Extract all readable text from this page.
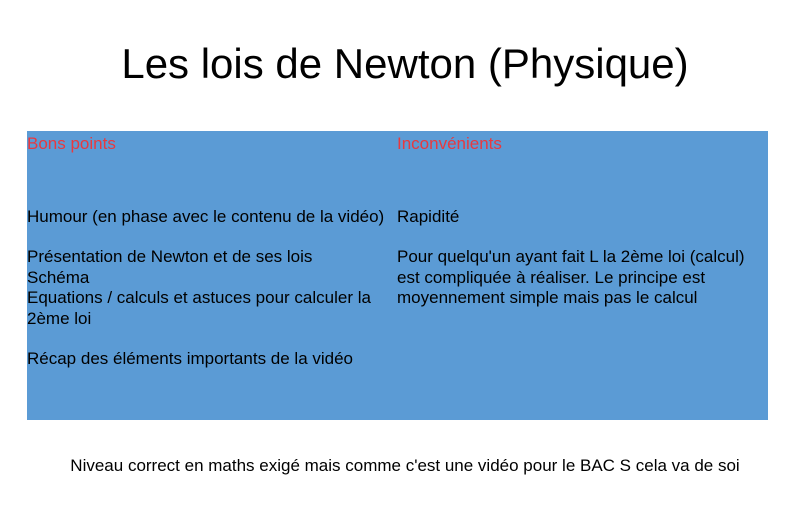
Les lois de Newton (Physique)
Bons points

Humour (en phase avec le contenu de la vidéo)

Présentation de Newton et de ses lois
Schéma
Equations / calculs et astuces pour calculer la 2ème loi

Récap des éléments importants de la vidéo

Inconvénients

Rapidité

Pour quelqu'un ayant fait L la 2ème loi (calcul) est compliquée à réaliser. Le principe est moyennement simple mais pas le calcul

Niveau correct en maths exigé mais comme c'est une vidéo pour le BAC S cela va de soi
